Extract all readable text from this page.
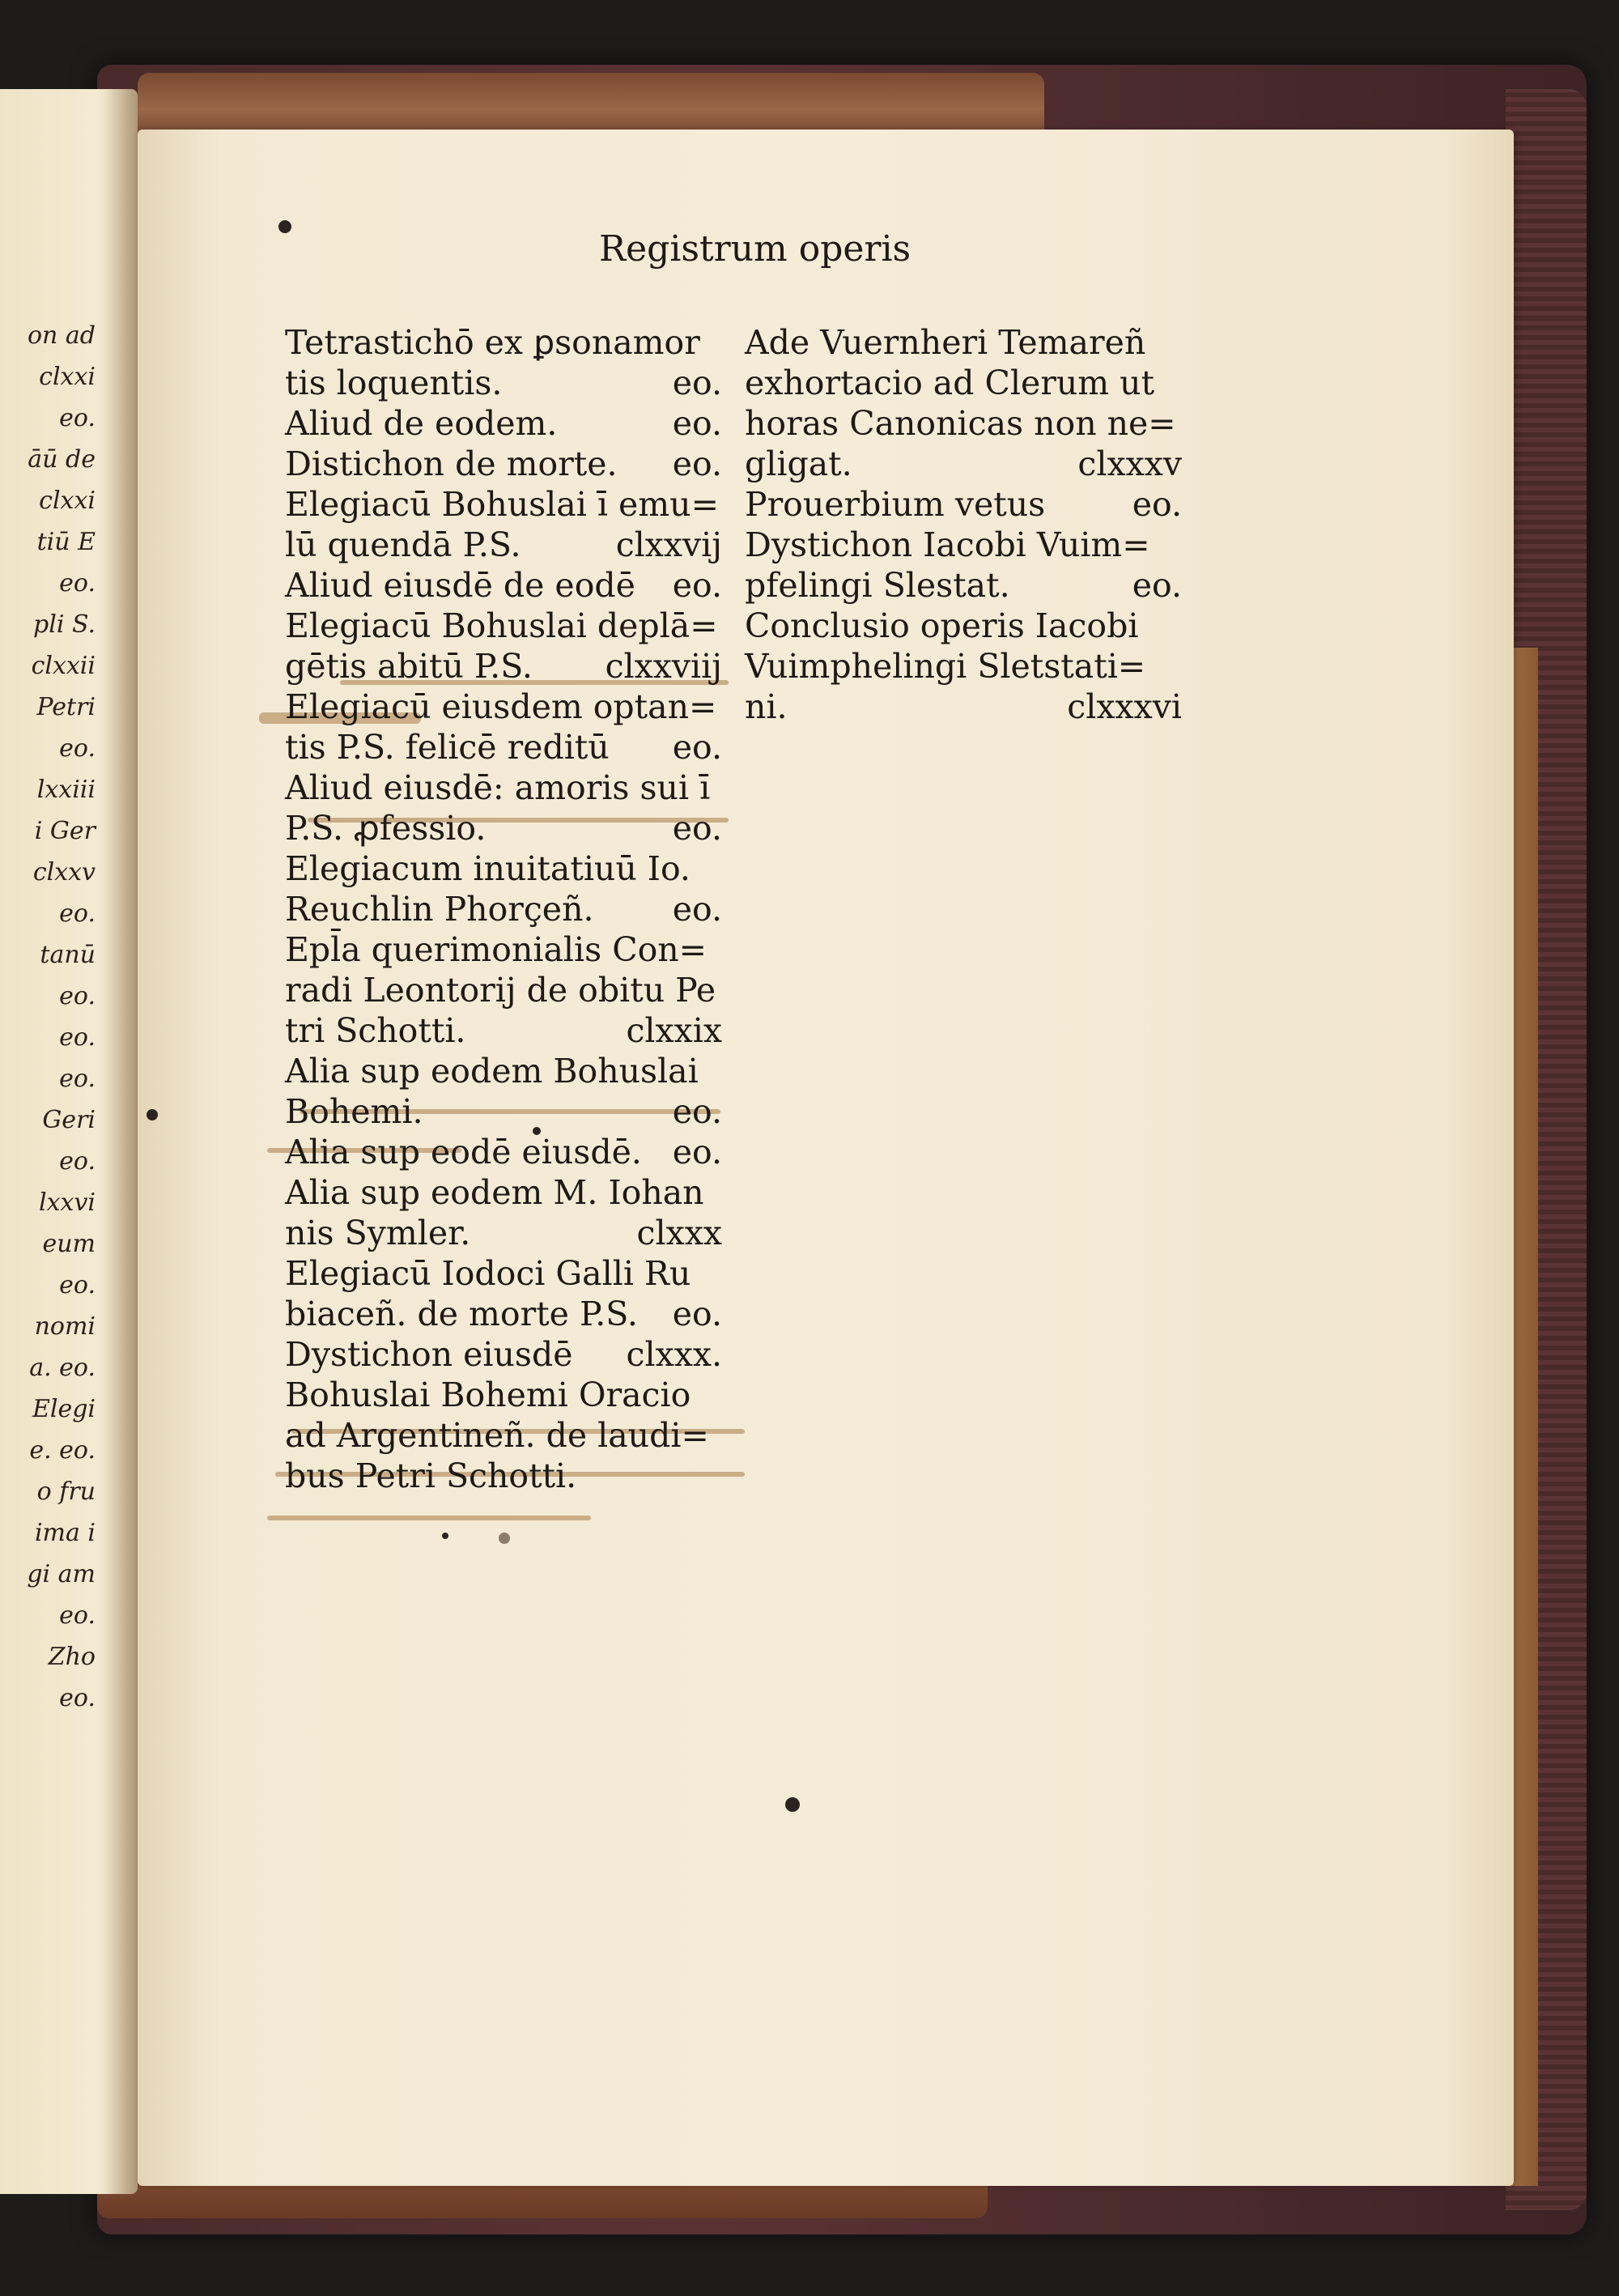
on ad
clxxi
eo.
āū de
clxxi
tiū E
eo.
pli S.
clxxii
Petri
eo.
lxxiii
i Ger
clxxv
eo.
tanū
eo.
eo.
eo.
Geri
eo.
lxxvi
eum
eo.
nomi
a. eo.
Elegi
e. eo.
o fru
ima i
gi am
eo.
Zho
eo.
Registrum operis
Tetrastichō ex ꝑsonamor
tis loquentis.	eo.
Aliud de eodem.	eo.
Distichon de morte. eo.
Elegiacū Bohuslai ī emu=
lū quendā P.S.	clxxvij
Aliud eiusdē de eodē eo.
Elegiacū Bohuslai deplā=
gētis abitū P.S. clxxviij
Elegiacū eiusdem optan=
tis P.S. felicē reditū eo.
Aliud eiusdē: amoris sui ī
P.S. ꝓfessio.	eo.
Elegiacum inuitatiuū Io.
Reuchlin Phorçeñ. eo.
Epl̄a querimonialis Con=
radi Leontorij de obitu Pe
tri Schotti.	clxxix
Alia sup eodem Bohuslai
Bohemi.	eo.
Alia sup eodē eiusdē. eo.
Alia sup eodem M. Iohan
nis Symler.	clxxx
Elegiacū Iodoci Galli Ru
biaceñ. de morte P.S. eo.
Dystichon eiusdē clxxx.
Bohuslai Bohemi Oracio
ad Argentineñ. de laudi=
bus Petri Schotti.
Ade Vuernheri Temareñ
exhortacio ad Clerum ut
horas Canonicas non ne=
gligat.	clxxxv
Prouerbium vetus	eo.
Dystichon Iacobi Vuim=
pfelingi Slestat.	eo.
Conclusio operis Iacobi
Vuimphelingi Sletstati=
ni.	clxxxvi
